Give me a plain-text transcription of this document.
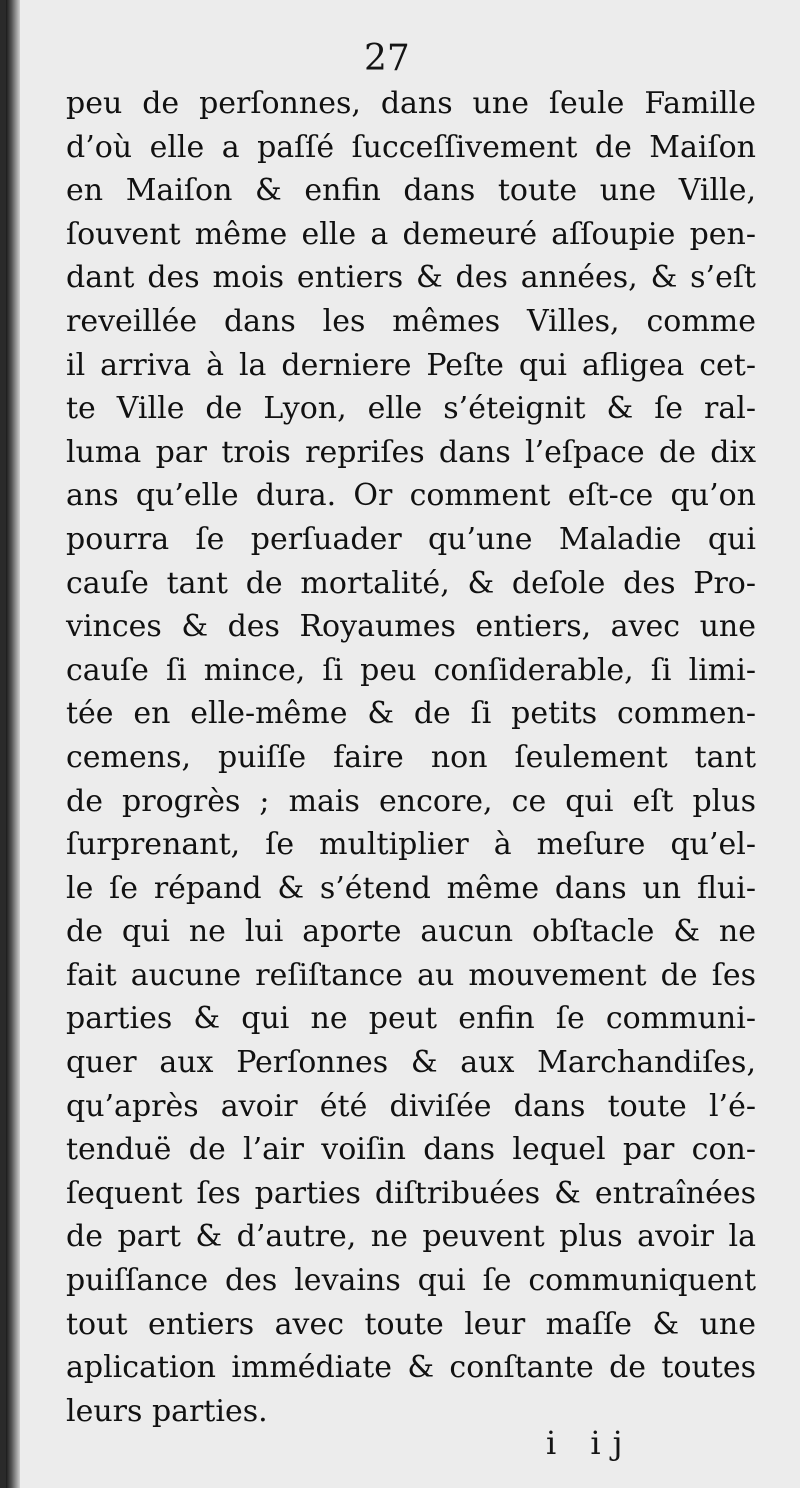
27
peu de perſonnes, dans une ſeule Famille
d’où elle a paſſé ſucceſſivement de Maiſon
en Maiſon & enfin dans toute une Ville,
ſouvent même elle a demeuré aſſoupie pen-
dant des mois entiers & des années, & s’eſt
reveillée dans les mêmes Villes, comme
il arriva à la derniere Peſte qui afligea cet-
te Ville de Lyon, elle s’éteignit & ſe ral-
luma par trois repriſes dans l’eſpace de dix
ans qu’elle dura. Or comment eſt-ce qu’on
pourra ſe perſuader qu’une Maladie qui
cauſe tant de mortalité, & deſole des Pro-
vinces & des Royaumes entiers, avec une
cauſe ſi mince, ſi peu conſiderable, ſi limi-
tée en elle-même & de ſi petits commen-
cemens, puiſſe faire non ſeulement tant
de progrès ; mais encore, ce qui eſt plus
ſurprenant, ſe multiplier à meſure qu’el-
le ſe répand & s’étend même dans un flui-
de qui ne lui aporte aucun obſtacle & ne
fait aucune reſiſtance au mouvement de ſes
parties & qui ne peut enfin ſe communi-
quer aux Perſonnes & aux Marchandiſes,
qu’après avoir été diviſée dans toute l’é-
tenduë de l’air voiſin dans lequel par con-
ſequent ſes parties diſtribuées & entraînées
de part & d’autre, ne peuvent plus avoir la
puiſſance des levains qui ſe communiquent
tout entiers avec toute leur maſſe & une
aplication immédiate & conſtante de toutes
leurs parties.
i ij
